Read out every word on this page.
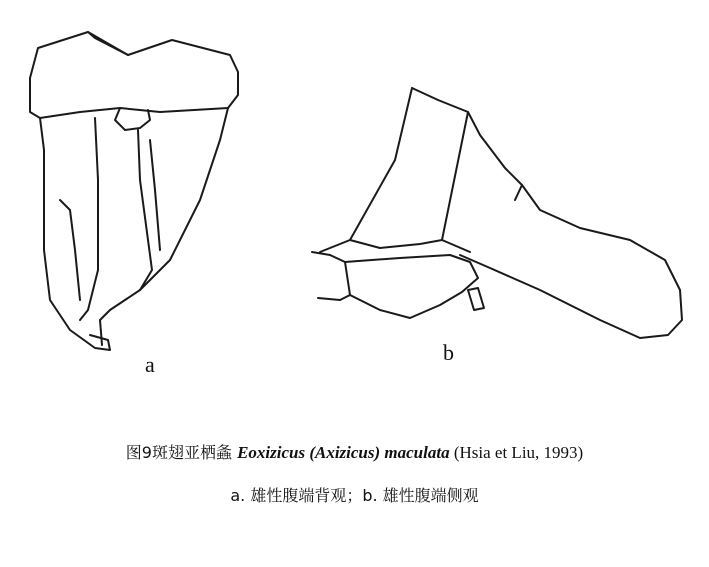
a	b
图9斑翅亚栖螽 Eoxizicus (Axizicus) maculata (Hsia et Liu, 1993)
a. 雄性腹端背观；b. 雄性腹端侧观
